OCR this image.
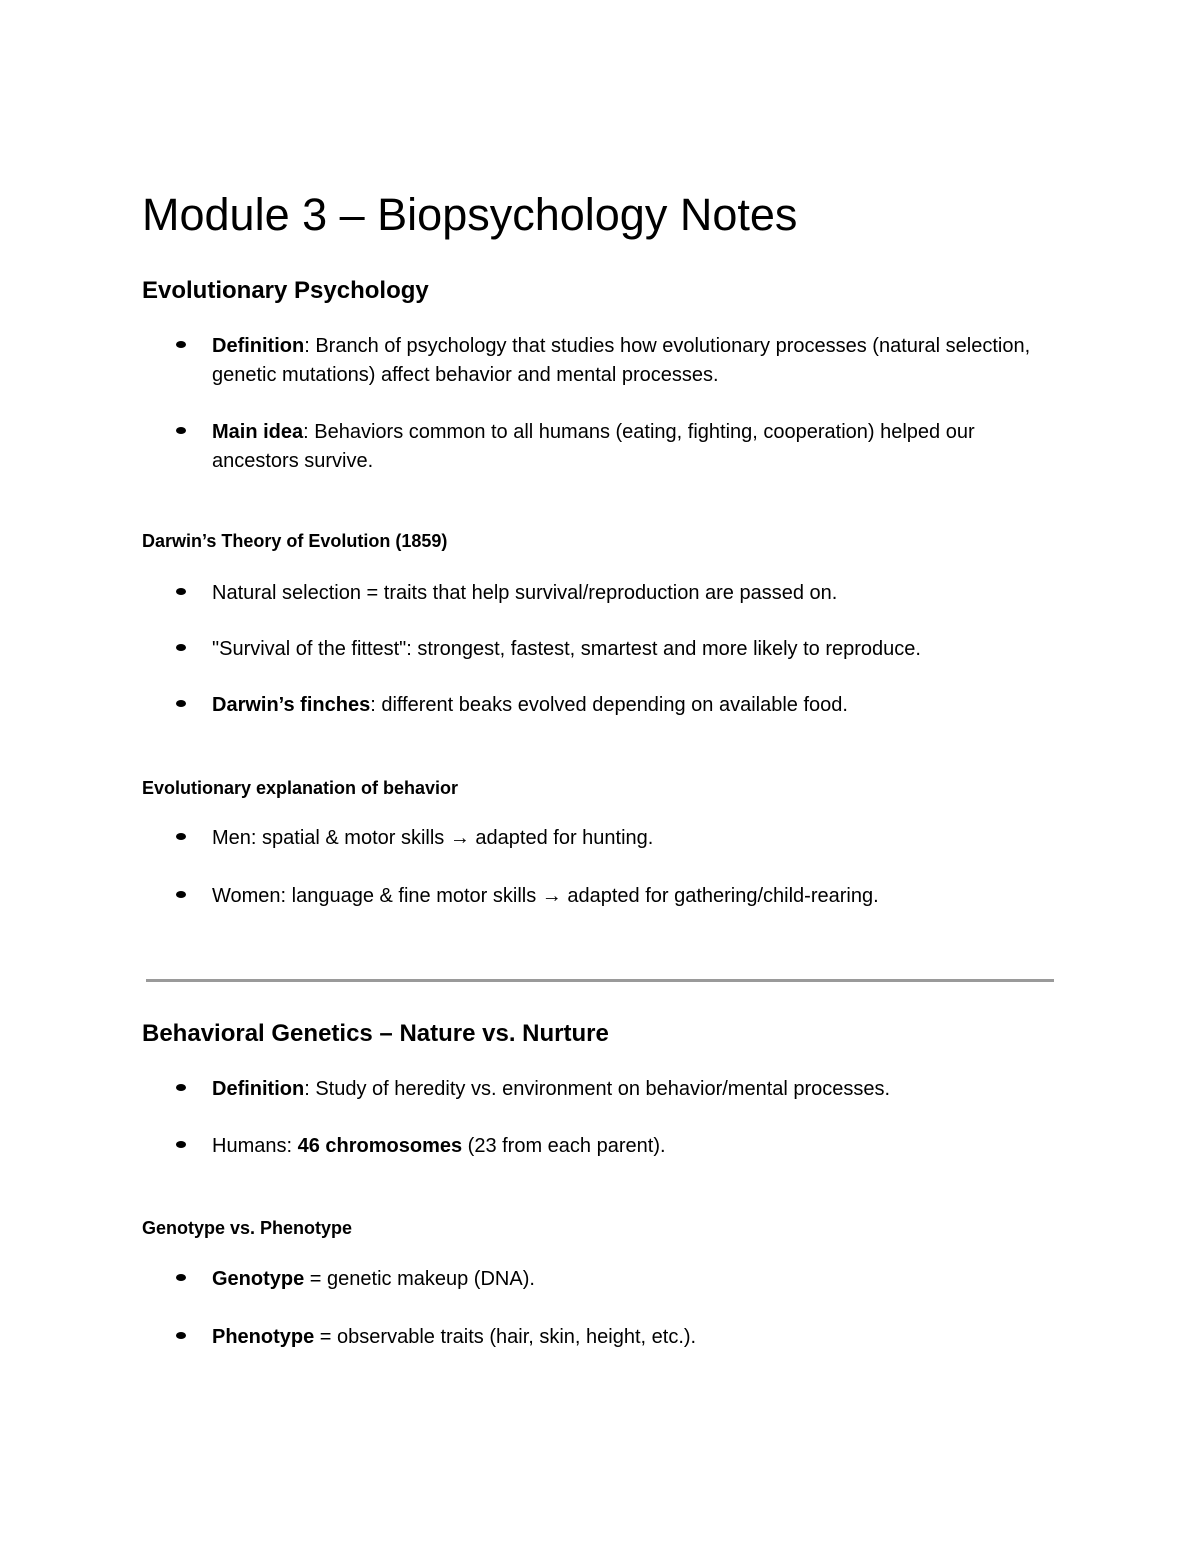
Module 3 – Biopsychology Notes
Evolutionary Psychology
Definition: Branch of psychology that studies how evolutionary processes (natural selection, genetic mutations) affect behavior and mental processes.
Main idea: Behaviors common to all humans (eating, fighting, cooperation) helped our ancestors survive.
Darwin’s Theory of Evolution (1859)
Natural selection = traits that help survival/reproduction are passed on.
"Survival of the fittest": strongest, fastest, smartest and more likely to reproduce.
Darwin’s finches: different beaks evolved depending on available food.
Evolutionary explanation of behavior
Men: spatial & motor skills → adapted for hunting.
Women: language & fine motor skills → adapted for gathering/child-rearing.
Behavioral Genetics – Nature vs. Nurture
Definition: Study of heredity vs. environment on behavior/mental processes.
Humans: 46 chromosomes (23 from each parent).
Genotype vs. Phenotype
Genotype = genetic makeup (DNA).
Phenotype = observable traits (hair, skin, height, etc.).
